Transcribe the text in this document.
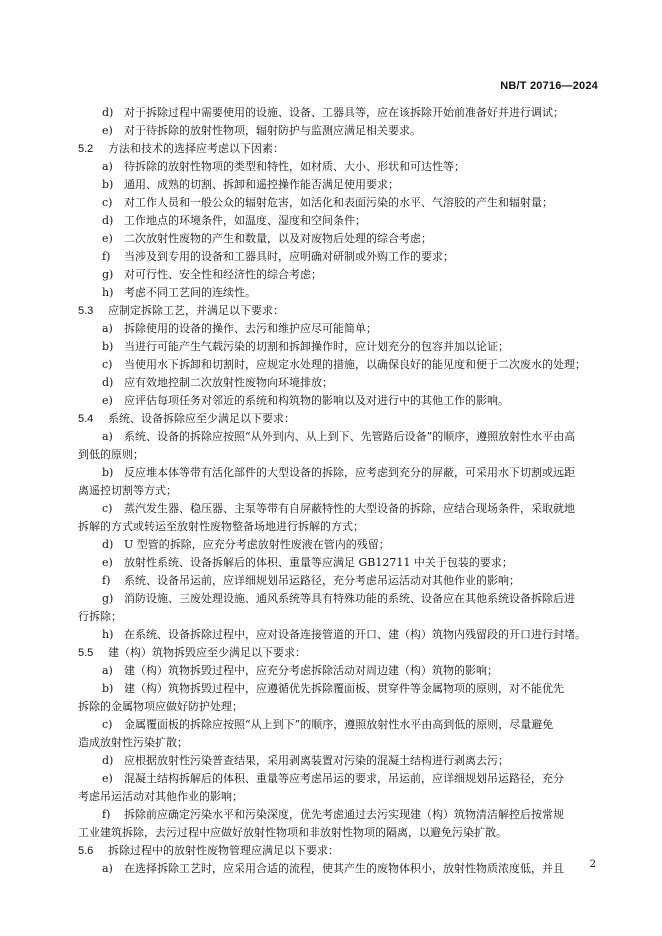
NB/T 20716—2024
d) 对于拆除过程中需要使用的设施、设备、工器具等，应在该拆除开始前准备好并进行调试；
e) 对于待拆除的放射性物项，辐射防护与监测应满足相关要求。
5.2 方法和技术的选择应考虑以下因素：
a) 待拆除的放射性物项的类型和特性，如材质、大小、形状和可达性等；
b) 通用、成熟的切割、拆卸和遥控操作能否满足使用要求；
c) 对工作人员和一般公众的辐射危害，如活化和表面污染的水平、气溶胶的产生和辐射量；
d) 工作地点的环境条件，如温度、湿度和空间条件；
e) 二次放射性废物的产生和数量，以及对废物后处理的综合考虑；
f) 当涉及到专用的设备和工器具时，应明确对研制或外购工作的要求；
g) 对可行性、安全性和经济性的综合考虑；
h) 考虑不同工艺间的连续性。
5.3 应制定拆除工艺，并满足以下要求：
a) 拆除使用的设备的操作、去污和维护应尽可能简单；
b) 当进行可能产生气载污染的切割和拆卸操作时，应计划充分的包容并加以论证；
c) 当使用水下拆卸和切割时，应规定水处理的措施，以确保良好的能见度和便于二次废水的处理；
d) 应有效地控制二次放射性废物向环境排放；
e) 应评估每项任务对邻近的系统和构筑物的影响以及对进行中的其他工作的影响。
5.4 系统、设备拆除应至少满足以下要求：
a) 系统、设备的拆除应按照“从外到内、从上到下、先管路后设备”的顺序，遵照放射性水平由高
到低的原则；
b) 反应堆本体等带有活化部件的大型设备的拆除，应考虑到充分的屏蔽，可采用水下切割或远距
离遥控切割等方式；
c) 蒸汽发生器、稳压器、主泵等带有自屏蔽特性的大型设备的拆除，应结合现场条件，采取就地
拆解的方式或转运至放射性废物整备场地进行拆解的方式；
d) U 型管的拆除，应充分考虑放射性废液在管内的残留；
e) 放射性系统、设备拆解后的体积、重量等应满足 GB12711 中关于包装的要求；
f) 系统、设备吊运前，应详细规划吊运路径，充分考虑吊运活动对其他作业的影响；
g) 消防设施、三废处理设施、通风系统等具有特殊功能的系统、设备应在其他系统设备拆除后进
行拆除；
h) 在系统、设备拆除过程中，应对设备连接管道的开口、建（构）筑物内残留段的开口进行封堵。
5.5 建（构）筑物拆毁应至少满足以下要求：
a) 建（构）筑物拆毁过程中，应充分考虑拆除活动对周边建（构）筑物的影响；
b) 建（构）筑物拆毁过程中，应遵循优先拆除覆面板、贯穿件等金属物项的原则，对不能优先
拆除的金属物项应做好防护处理；
c) 金属覆面板的拆除应按照“从上到下”的顺序，遵照放射性水平由高到低的原则，尽量避免
造成放射性污染扩散；
d) 应根据放射性污染普查结果，采用剥离装置对污染的混凝土结构进行剥离去污；
e) 混凝土结构拆解后的体积、重量等应考虑吊运的要求，吊运前，应详细规划吊运路径，充分
考虑吊运活动对其他作业的影响；
f) 拆除前应确定污染水平和污染深度，优先考虑通过去污实现建（构）筑物清洁解控后按常规
工业建筑拆除，去污过程中应做好放射性物项和非放射性物项的隔离，以避免污染扩散。
5.6 拆除过程中的放射性废物管理应满足以下要求：
a) 在选择拆除工艺时，应采用合适的流程，使其产生的废物体积小，放射性物质浓度低，并且	2
